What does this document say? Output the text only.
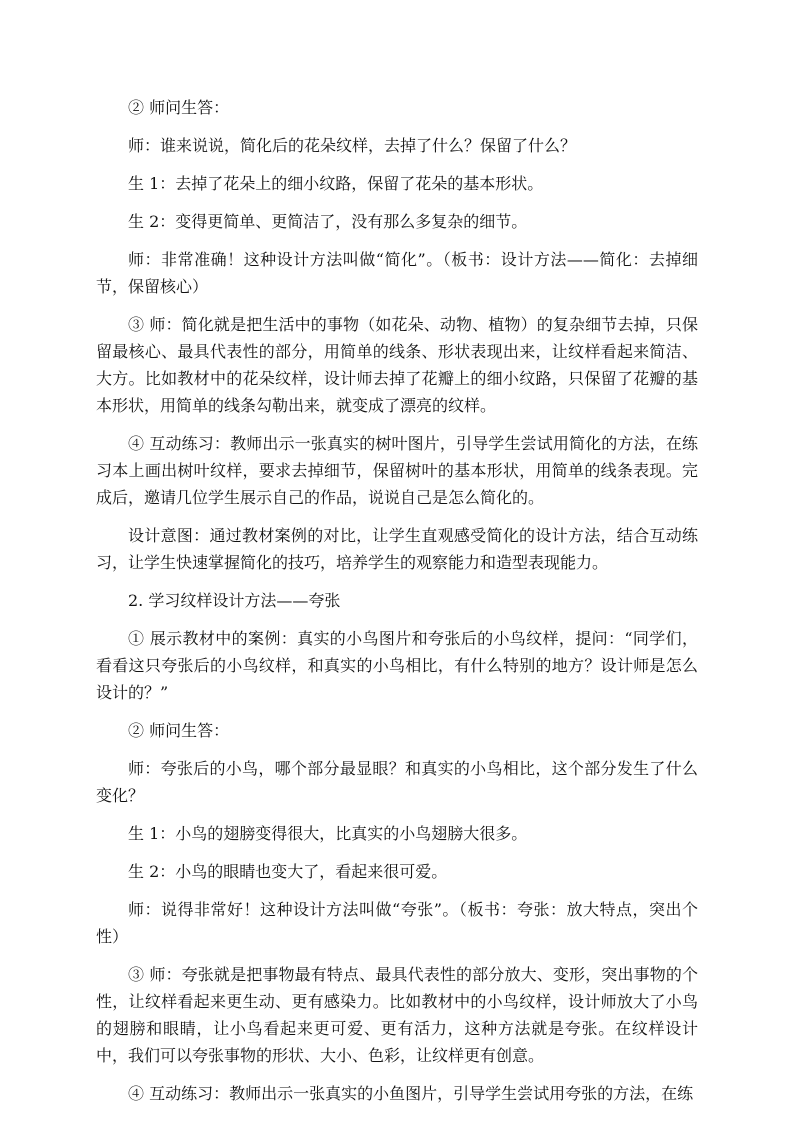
② 师问生答：

师：谁来说说，简化后的花朵纹样，去掉了什么？保留了什么？

生 1：去掉了花朵上的细小纹路，保留了花朵的基本形状。

生 2：变得更简单、更简洁了，没有那么多复杂的细节。

师：非常准确！这种设计方法叫做“简化”。（板书：设计方法——简化：去掉细节，保留核心）

③ 师：简化就是把生活中的事物（如花朵、动物、植物）的复杂细节去掉，只保留最核心、最具代表性的部分，用简单的线条、形状表现出来，让纹样看起来简洁、大方。比如教材中的花朵纹样，设计师去掉了花瓣上的细小纹路，只保留了花瓣的基本形状，用简单的线条勾勒出来，就变成了漂亮的纹样。

④ 互动练习：教师出示一张真实的树叶图片，引导学生尝试用简化的方法，在练习本上画出树叶纹样，要求去掉细节，保留树叶的基本形状，用简单的线条表现。完成后，邀请几位学生展示自己的作品，说说自己是怎么简化的。

设计意图：通过教材案例的对比，让学生直观感受简化的设计方法，结合互动练习，让学生快速掌握简化的技巧，培养学生的观察能力和造型表现能力。

2. 学习纹样设计方法——夸张

① 展示教材中的案例：真实的小鸟图片和夸张后的小鸟纹样，提问：“同学们，看看这只夸张后的小鸟纹样，和真实的小鸟相比，有什么特别的地方？设计师是怎么设计的？”

② 师问生答：

师：夸张后的小鸟，哪个部分最显眼？和真实的小鸟相比，这个部分发生了什么变化？

生 1：小鸟的翅膀变得很大，比真实的小鸟翅膀大很多。

生 2：小鸟的眼睛也变大了，看起来很可爱。

师：说得非常好！这种设计方法叫做“夸张”。（板书：夸张：放大特点，突出个性）

③ 师：夸张就是把事物最有特点、最具代表性的部分放大、变形，突出事物的个性，让纹样看起来更生动、更有感染力。比如教材中的小鸟纹样，设计师放大了小鸟的翅膀和眼睛，让小鸟看起来更可爱、更有活力，这种方法就是夸张。在纹样设计中，我们可以夸张事物的形状、大小、色彩，让纹样更有创意。

④ 互动练习：教师出示一张真实的小鱼图片，引导学生尝试用夸张的方法，在练
